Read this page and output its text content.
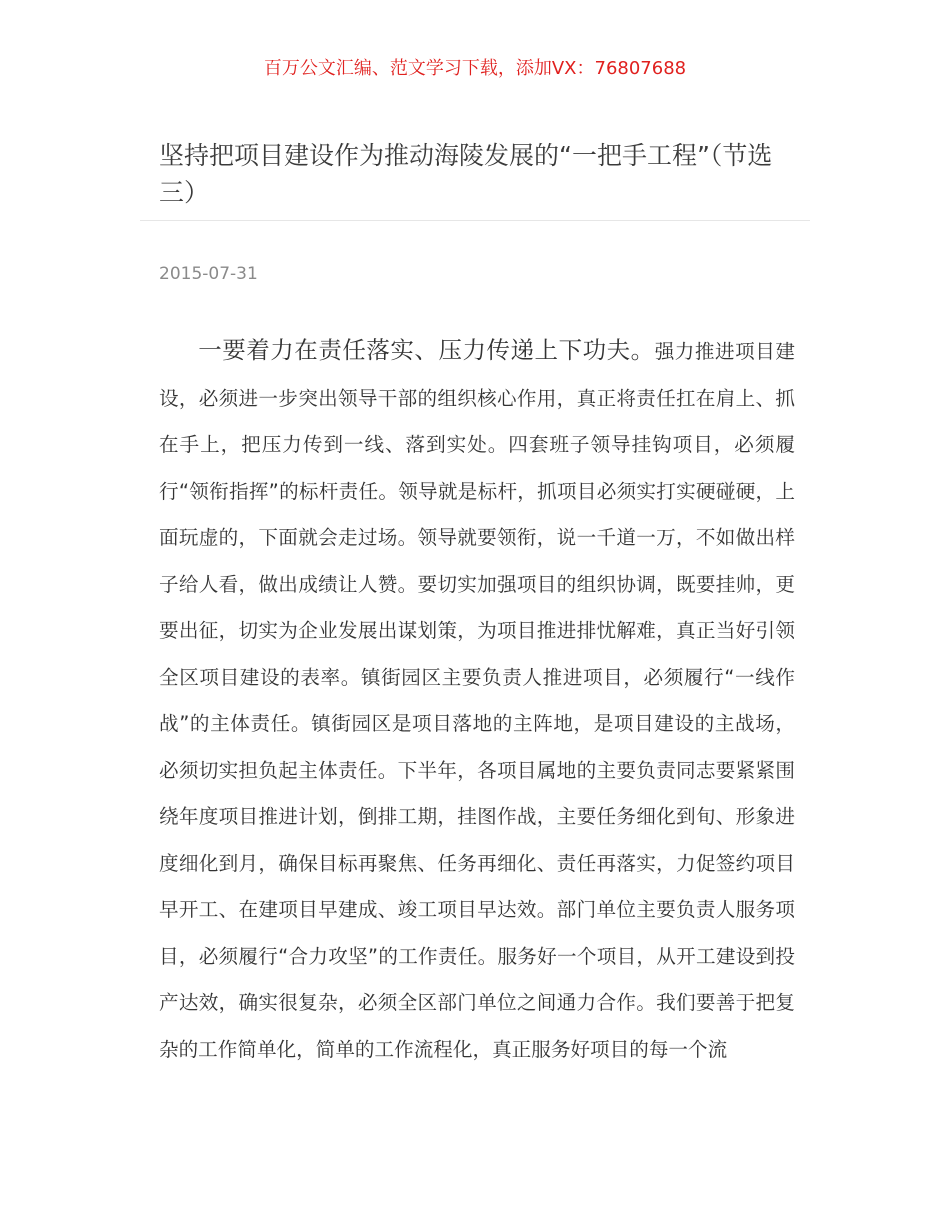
百万公文汇编、范文学习下载，添加VX：76807688
坚持把项目建设作为推动海陵发展的“一把手工程”（节选三）
2015-07-31

一要着力在责任落实、压力传递上下功夫。强力推进项目建设，必须进一步突出领导干部的组织核心作用，真正将责任扛在肩上、抓在手上，把压力传到一线、落到实处。四套班子领导挂钩项目，必须履行“领衔指挥”的标杆责任。领导就是标杆，抓项目必须实打实硬碰硬，上面玩虚的，下面就会走过场。领导就要领衔，说一千道一万，不如做出样子给人看，做出成绩让人赞。要切实加强项目的组织协调，既要挂帅，更要出征，切实为企业发展出谋划策，为项目推进排忧解难，真正当好引领全区项目建设的表率。镇街园区主要负责人推进项目，必须履行“一线作战”的主体责任。镇街园区是项目落地的主阵地，是项目建设的主战场，必须切实担负起主体责任。下半年，各项目属地的主要负责同志要紧紧围绕年度项目推进计划，倒排工期，挂图作战，主要任务细化到旬、形象进度细化到月，确保目标再聚焦、任务再细化、责任再落实，力促签约项目早开工、在建项目早建成、竣工项目早达效。部门单位主要负责人服务项目，必须履行“合力攻坚”的工作责任。服务好一个项目，从开工建设到投产达效，确实很复杂，必须全区部门单位之间通力合作。我们要善于把复杂的工作简单化，简单的工作流程化，真正服务好项目的每一个流
